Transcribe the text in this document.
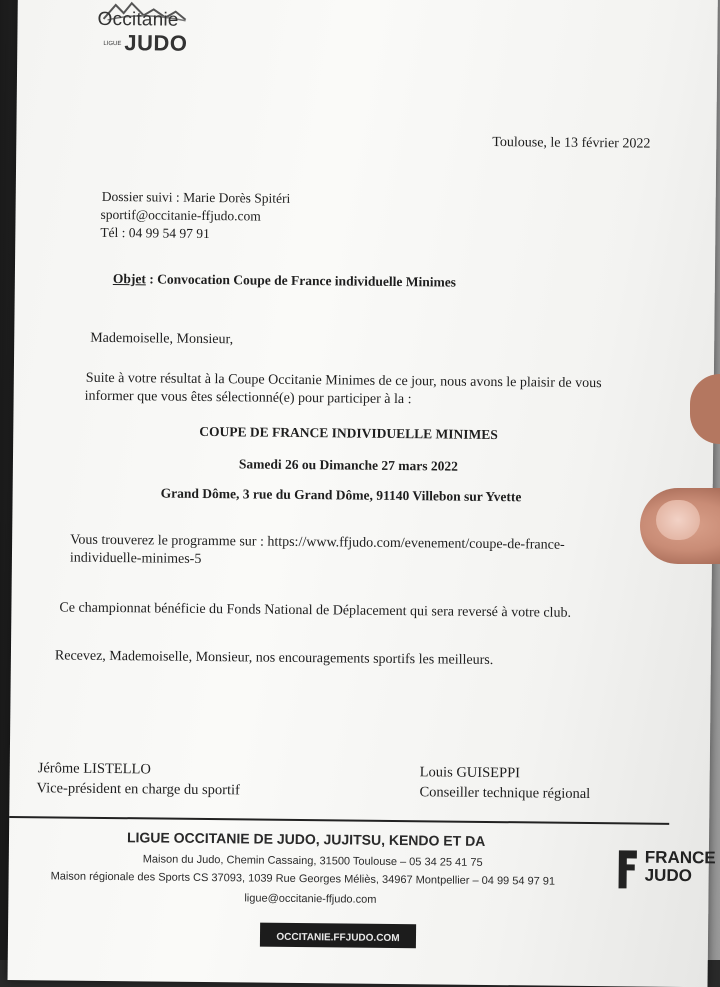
Occitanie
LIGUE JUDO
Toulouse, le 13 février 2022
Dossier suivi : Marie Dorès Spitéri
sportif@occitanie-ffjudo.com
Tél : 04 99 54 97 91
Objet : Convocation Coupe de France individuelle Minimes
Mademoiselle, Monsieur,
Suite à votre résultat à la Coupe Occitanie Minimes de ce jour, nous avons le plaisir de vous
informer que vous êtes sélectionné(e) pour participer à la :
COUPE DE FRANCE INDIVIDUELLE MINIMES
Samedi 26 ou Dimanche 27 mars 2022
Grand Dôme, 3 rue du Grand Dôme, 91140 Villebon sur Yvette
Vous trouverez le programme sur : https://www.ffjudo.com/evenement/coupe-de-france-
individuelle-minimes-5
Ce championnat bénéficie du Fonds National de Déplacement qui sera reversé à votre club.
Recevez, Mademoiselle, Monsieur, nos encouragements sportifs les meilleurs.
Jérôme LISTELLO
Vice-président en charge du sportif
Louis GUISEPPI
Conseiller technique régional
LIGUE OCCITANIE DE JUDO, JUJITSU, KENDO ET DA
Maison du Judo, Chemin Cassaing, 31500 Toulouse – 05 34 25 41 75
Maison régionale des Sports CS 37093, 1039 Rue Georges Méliès, 34967 Montpellier – 04 99 54 97 91
ligue@occitanie-ffjudo.com
FRANCE
JUDO
OCCITANIE.FFJUDO.COM
